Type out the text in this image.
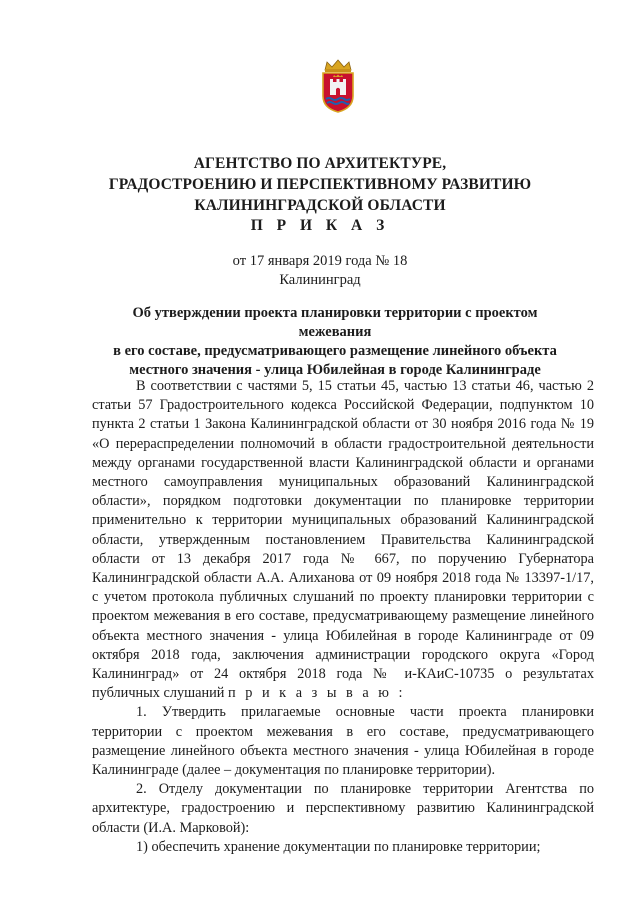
АГЕНТСТВО ПО АРХИТЕКТУРЕ,
ГРАДОСТРОЕНИЮ И ПЕРСПЕКТИВНОМУ РАЗВИТИЮ
КАЛИНИНГРАДСКОЙ ОБЛАСТИ
П Р И К А З
от 17 января 2019 года № 18
Калининград
Об утверждении проекта планировки территории с проектом межевания
в его составе, предусматривающего размещение линейного объекта
местного значения - улица Юбилейная в городе Калининграде

В соответствии с частями 5, 15 статьи 45, частью 13 статьи 46, частью 2 статьи 57 Градостроительного кодекса Российской Федерации, подпунктом 10 пункта 2 статьи 1 Закона Калининградской области от 30 ноября 2016 года № 19 «О перераспределении полномочий в области градостроительной деятельности между органами государственной власти Калининградской области и органами местного самоуправления муниципальных образований Калининградской области», порядком подготовки документации по планировке территории применительно к территории муниципальных образований Калининградской области, утвержденным постановлением Правительства Калининградской области от 13 декабря 2017 года № 667, по поручению Губернатора Калининградской области А.А. Алиханова от 09 ноября 2018 года № 13397-1/17, с учетом протокола публичных слушаний по проекту планировки территории с проектом межевания в его составе, предусматривающему размещение линейного объекта местного значения - улица Юбилейная в городе Калининграде от 09 октября 2018 года, заключения администрации городского округа «Город Калининград» от 24 октября 2018 года № и-КАиС-10735 о результатах публичных слушаний п р и к а з ы в а ю :

1. Утвердить прилагаемые основные части проекта планировки территории с проектом межевания в его составе, предусматривающего размещение линейного объекта местного значения - улица Юбилейная в городе Калининграде (далее – документация по планировке территории).

2. Отделу документации по планировке территории Агентства по архитектуре, градостроению и перспективному развитию Калининградской области (И.А. Марковой):

1) обеспечить хранение документации по планировке территории;
